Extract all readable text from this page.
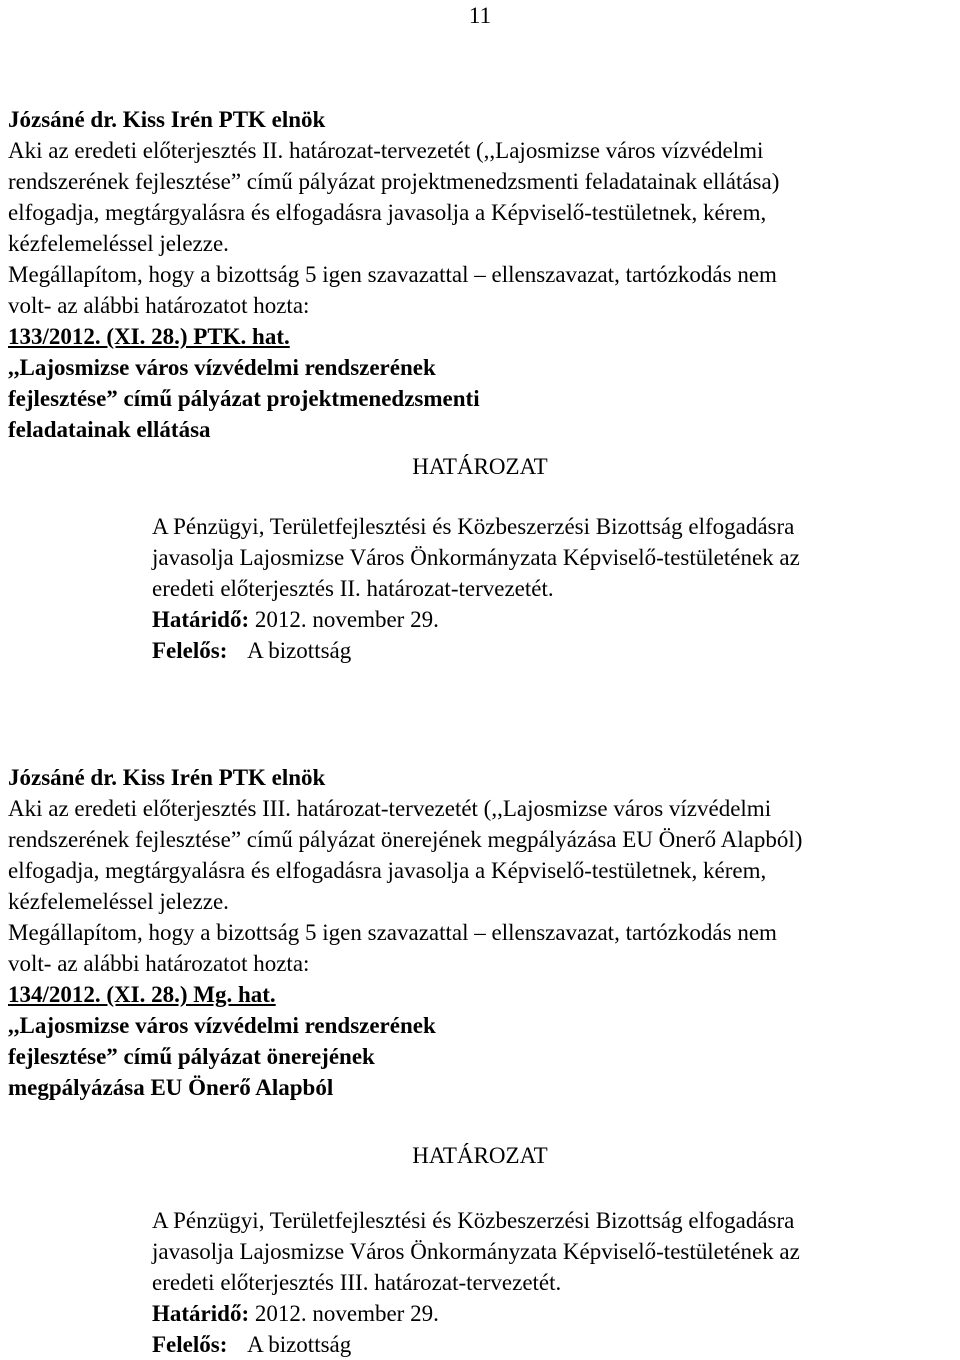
11
Józsáné dr. Kiss Irén PTK elnök
Aki az eredeti előterjesztés II. határozat-tervezetét (,,Lajosmizse város vízvédelmi
rendszerének fejlesztése” című pályázat projektmenedzsmenti feladatainak ellátása)
elfogadja, megtárgyalásra és elfogadásra javasolja a Képviselő-testületnek, kérem,
kézfelemeléssel jelezze.
Megállapítom, hogy a bizottság 5 igen szavazattal – ellenszavazat, tartózkodás nem
volt- az alábbi határozatot hozta:
133/2012. (XI. 28.) PTK. hat.
,,Lajosmizse város vízvédelmi rendszerének
fejlesztése” című pályázat projektmenedzsmenti
feladatainak ellátása
HATÁROZAT
A Pénzügyi, Területfejlesztési és Közbeszerzési Bizottság elfogadásra
javasolja Lajosmizse Város Önkormányzata Képviselő-testületének az
eredeti előterjesztés II. határozat-tervezetét.
Határidő: 2012. november 29.
Felelős: A bizottság
Józsáné dr. Kiss Irén PTK elnök
Aki az eredeti előterjesztés III. határozat-tervezetét (,,Lajosmizse város vízvédelmi
rendszerének fejlesztése” című pályázat önerejének megpályázása EU Önerő Alapból)
elfogadja, megtárgyalásra és elfogadásra javasolja a Képviselő-testületnek, kérem,
kézfelemeléssel jelezze.
Megállapítom, hogy a bizottság 5 igen szavazattal – ellenszavazat, tartózkodás nem
volt- az alábbi határozatot hozta:
134/2012. (XI. 28.) Mg. hat.
,,Lajosmizse város vízvédelmi rendszerének
fejlesztése” című pályázat önerejének
megpályázása EU Önerő Alapból
HATÁROZAT
A Pénzügyi, Területfejlesztési és Közbeszerzési Bizottság elfogadásra
javasolja Lajosmizse Város Önkormányzata Képviselő-testületének az
eredeti előterjesztés III. határozat-tervezetét.
Határidő: 2012. november 29.
Felelős: A bizottság
